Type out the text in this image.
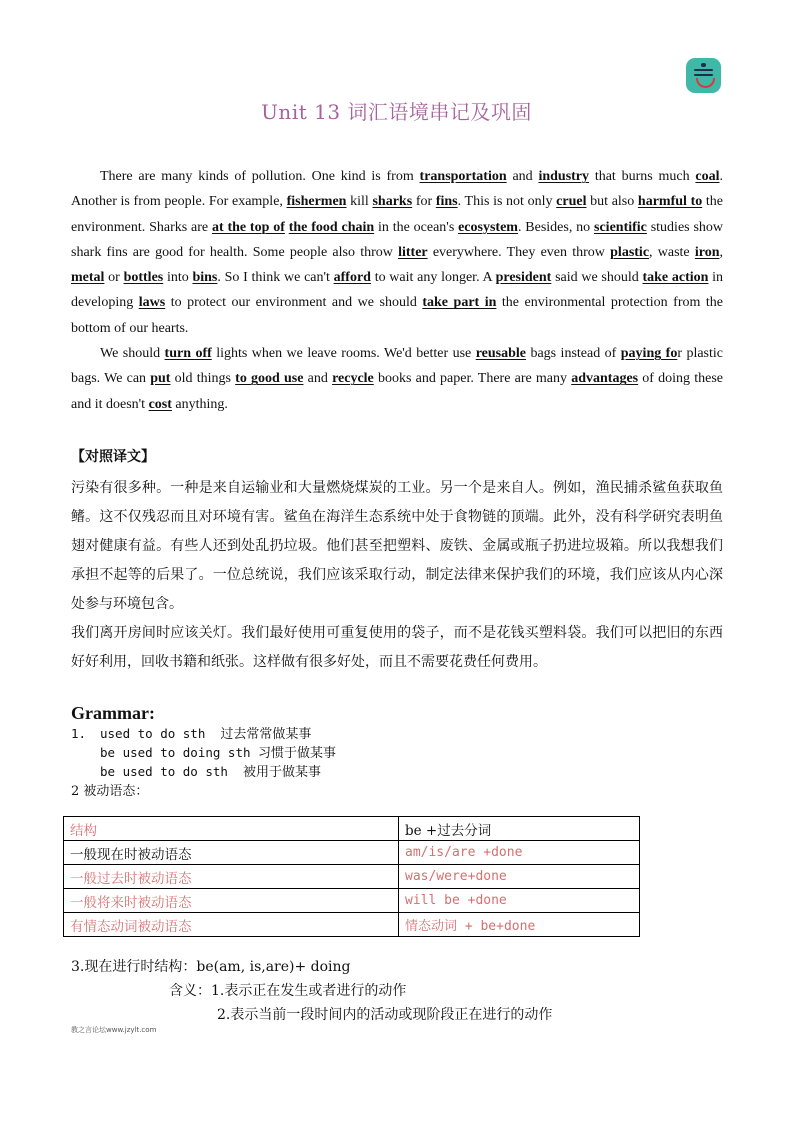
Unit 13 词汇语境串记及巩固

There are many kinds of pollution. One kind is from transportation and industry that burns much coal. Another is from people. For example, fishermen kill sharks for fins. This is not only cruel but also harmful to the environment. Sharks are at the top of the food chain in the ocean's ecosystem. Besides, no scientific studies show shark fins are good for health. Some people also throw litter everywhere. They even throw plastic, waste iron, metal or bottles into bins. So I think we can't afford to wait any longer. A president said we should take action in developing laws to protect our environment and we should take part in the environmental protection from the bottom of our hearts.

We should turn off lights when we leave rooms. We'd better use reusable bags instead of paying for plastic bags. We can put old things to good use and recycle books and paper. There are many advantages of doing these and it doesn't cost anything.

【对照译文】

污染有很多种。一种是来自运输业和大量燃烧煤炭的工业。另一个是来自人。例如，渔民捕杀鲨鱼获取鱼鳍。这不仅残忍而且对环境有害。鲨鱼在海洋生态系统中处于食物链的顶端。此外，没有科学研究表明鱼翅对健康有益。有些人还到处乱扔垃圾。他们甚至把塑料、废铁、金属或瓶子扔进垃圾箱。所以我想我们承担不起等的后果了。一位总统说，我们应该采取行动，制定法律来保护我们的环境，我们应该从内心深处参与环境包含。

我们离开房间时应该关灯。我们最好使用可重复使用的袋子，而不是花钱买塑料袋。我们可以把旧的东西好好利用，回收书籍和纸张。这样做有很多好处，而且不需要花费任何费用。

Grammar:
1. used to do sth 过去常常做某事
be used to doing sth 习惯于做某事
be used to do sth 被用于做某事
2 被动语态：
结构	be +过去分词
一般现在时被动语态	am/is/are +done
一般过去时被动语态	was/were+done
一般将来时被动语态	will be +done
有情态动词被动语态	情态动词 + be+done
3.现在进行时结构：be(am, is,are)+ doing
含义：1.表示正在发生或者进行的动作
2.表示当前一段时间内的活动或现阶段正在进行的动作
教之言论坛www.jzylt.com
